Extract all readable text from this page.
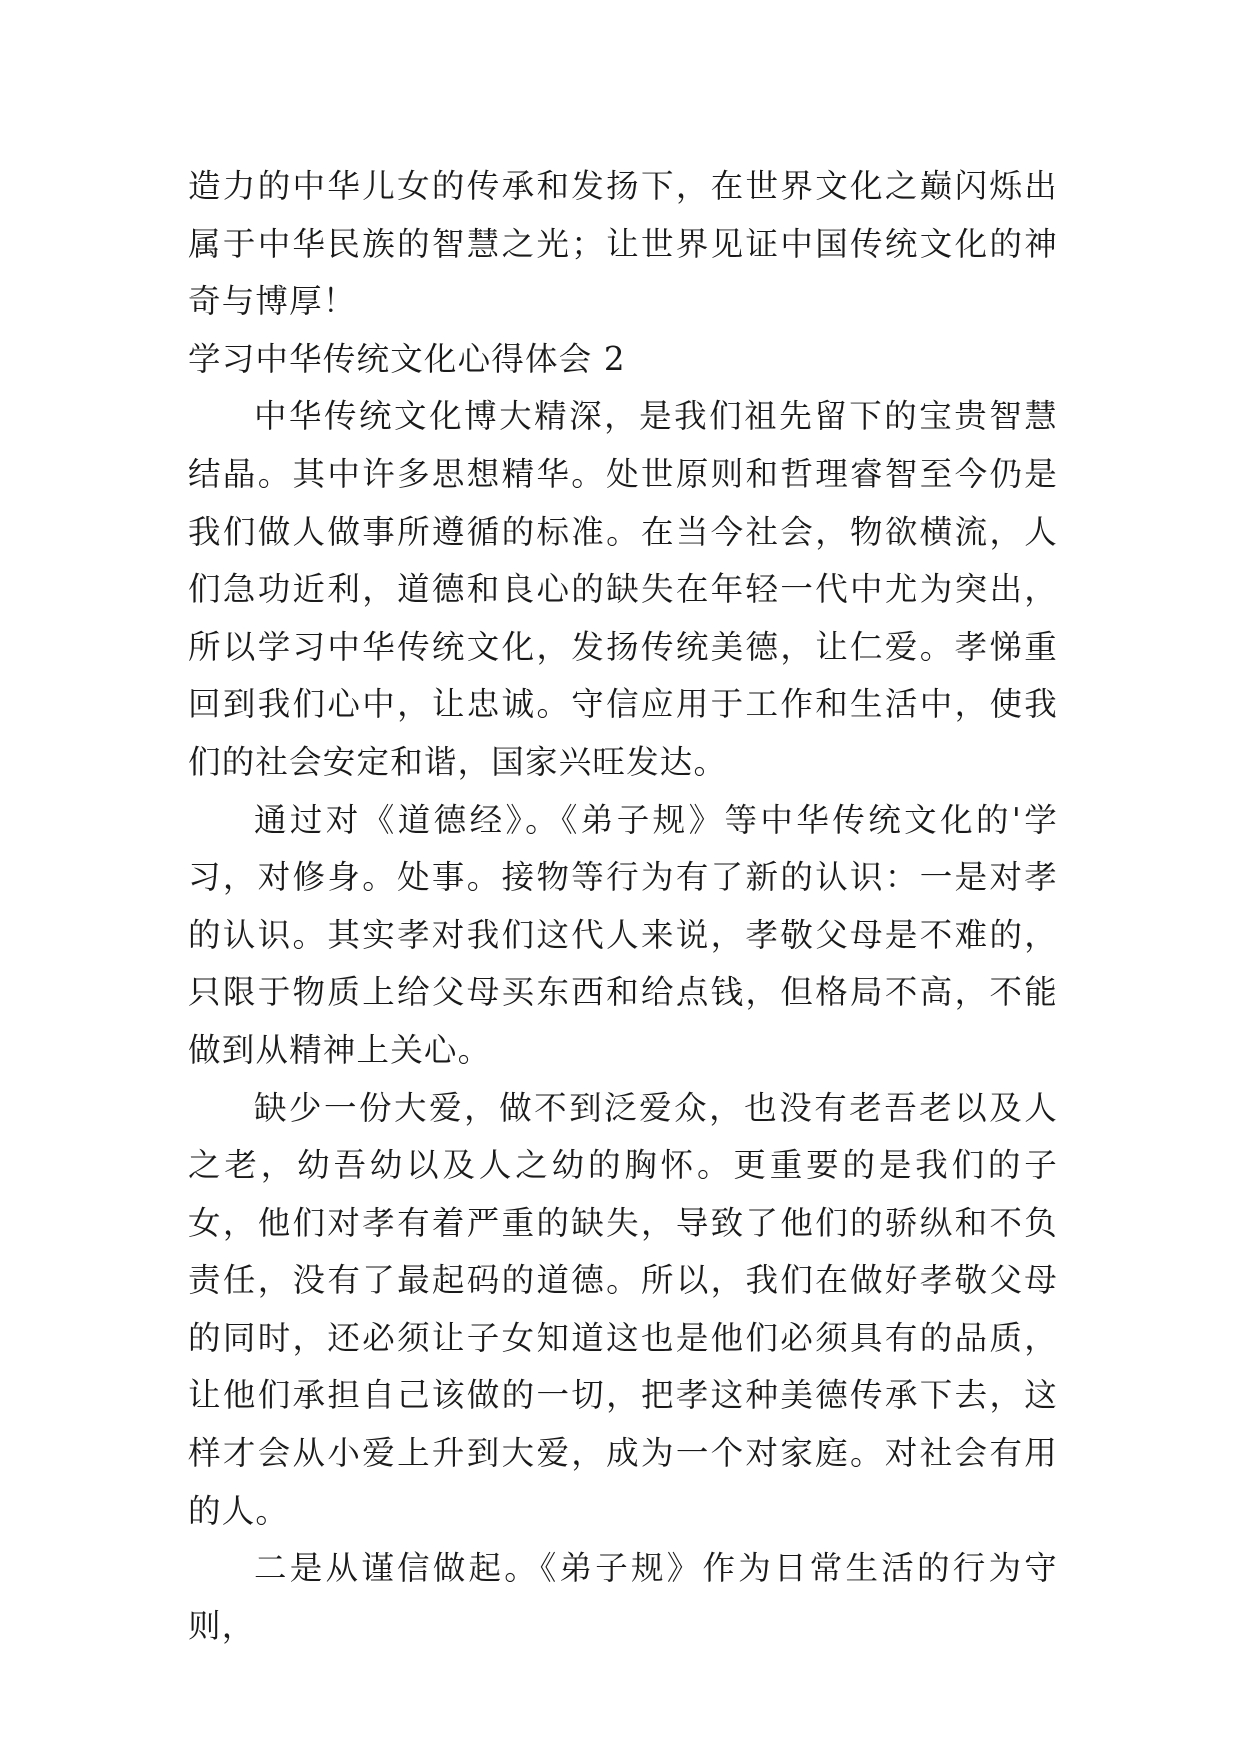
造力的中华儿女的传承和发扬下，在世界文化之巅闪烁出属于中华民族的智慧之光；让世界见证中国传统文化的神奇与博厚！

学习中华传统文化心得体会 2

中华传统文化博大精深，是我们祖先留下的宝贵智慧结晶。其中许多思想精华。处世原则和哲理睿智至今仍是我们做人做事所遵循的标准。在当今社会，物欲横流，人们急功近利，道德和良心的缺失在年轻一代中尤为突出，所以学习中华传统文化，发扬传统美德，让仁爱。孝悌重回到我们心中，让忠诚。守信应用于工作和生活中，使我们的社会安定和谐，国家兴旺发达。

通过对《道德经》。《弟子规》等中华传统文化的'学习，对修身。处事。接物等行为有了新的认识：一是对孝的认识。其实孝对我们这代人来说，孝敬父母是不难的，只限于物质上给父母买东西和给点钱，但格局不高，不能做到从精神上关心。

缺少一份大爱，做不到泛爱众，也没有老吾老以及人之老，幼吾幼以及人之幼的胸怀。更重要的是我们的子女，他们对孝有着严重的缺失，导致了他们的骄纵和不负责任，没有了最起码的道德。所以，我们在做好孝敬父母的同时，还必须让子女知道这也是他们必须具有的品质，让他们承担自己该做的一切，把孝这种美德传承下去，这样才会从小爱上升到大爱，成为一个对家庭。对社会有用的人。

二是从谨信做起。《弟子规》作为日常生活的行为守则，
